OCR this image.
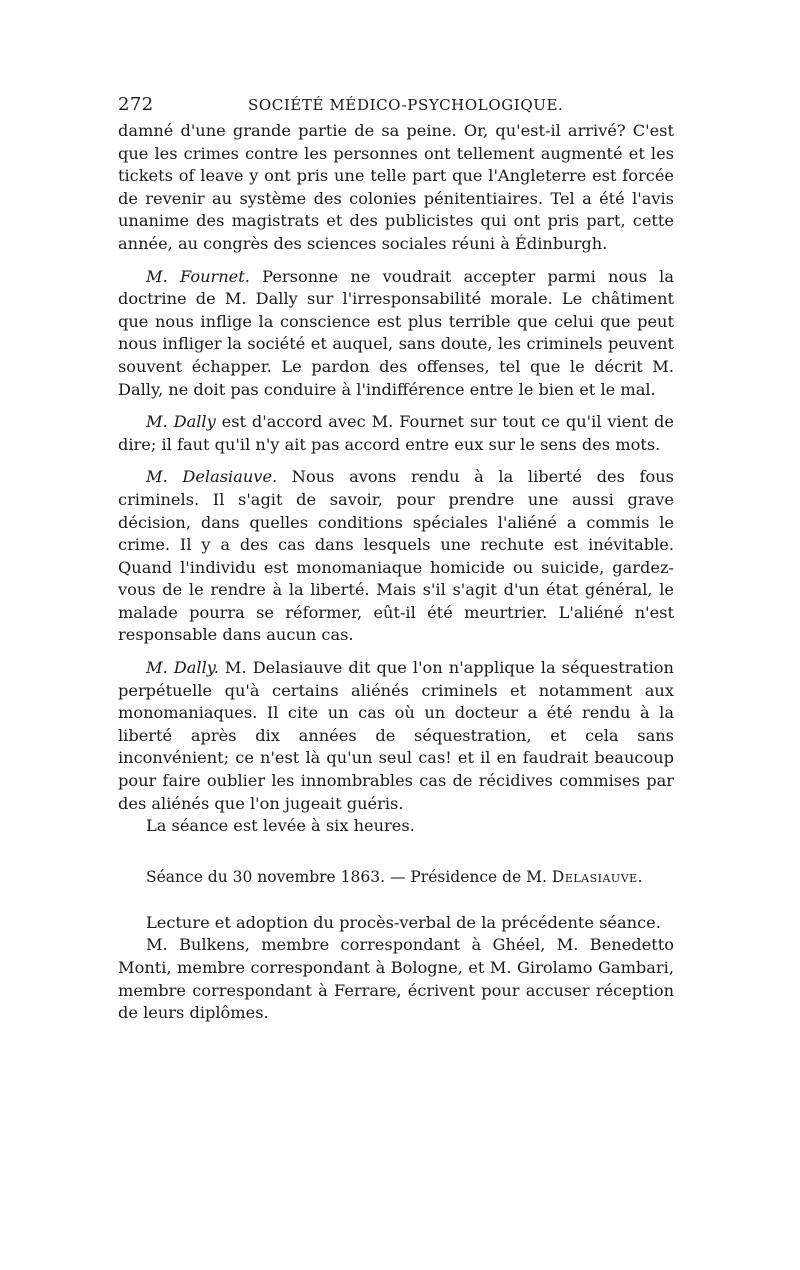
272	SOCIÉTÉ MÉDICO-PSYCHOLOGIQUE.

damné d'une grande partie de sa peine. Or, qu'est-il arrivé? C'est que les crimes contre les personnes ont tellement augmenté et les tickets of leave y ont pris une telle part que l'Angleterre est forcée de revenir au système des colonies pénitentiaires. Tel a été l'avis unanime des magistrats et des publicistes qui ont pris part, cette année, au congrès des sciences sociales réuni à Édinburgh.

M. Fournet. Personne ne voudrait accepter parmi nous la doctrine de M. Dally sur l'irresponsabilité morale. Le châtiment que nous inflige la conscience est plus terrible que celui que peut nous infliger la société et auquel, sans doute, les criminels peuvent souvent échapper. Le pardon des offenses, tel que le décrit M. Dally, ne doit pas conduire à l'indifférence entre le bien et le mal.

M. Dally est d'accord avec M. Fournet sur tout ce qu'il vient de dire; il faut qu'il n'y ait pas accord entre eux sur le sens des mots.

M. Delasiauve. Nous avons rendu à la liberté des fous criminels. Il s'agit de savoir, pour prendre une aussi grave décision, dans quelles conditions spéciales l'aliéné a commis le crime. Il y a des cas dans lesquels une rechute est inévitable. Quand l'individu est monomaniaque homicide ou suicide, gardez-vous de le rendre à la liberté. Mais s'il s'agit d'un état général, le malade pourra se réformer, eût-il été meurtrier. L'aliéné n'est responsable dans aucun cas.

M. Dally. M. Delasiauve dit que l'on n'applique la séquestration perpétuelle qu'à certains aliénés criminels et notamment aux monomaniaques. Il cite un cas où un docteur a été rendu à la liberté après dix années de séquestration, et cela sans inconvénient; ce n'est là qu'un seul cas! et il en faudrait beaucoup pour faire oublier les innombrables cas de récidives commises par des aliénés que l'on jugeait guéris.

La séance est levée à six heures.

Séance du 30 novembre 1863. — Présidence de M. Delasiauve.

Lecture et adoption du procès-verbal de la précédente séance.

M. Bulkens, membre correspondant à Ghéel, M. Benedetto Monti, membre correspondant à Bologne, et M. Girolamo Gambari, membre correspondant à Ferrare, écrivent pour accuser réception de leurs diplômes.
